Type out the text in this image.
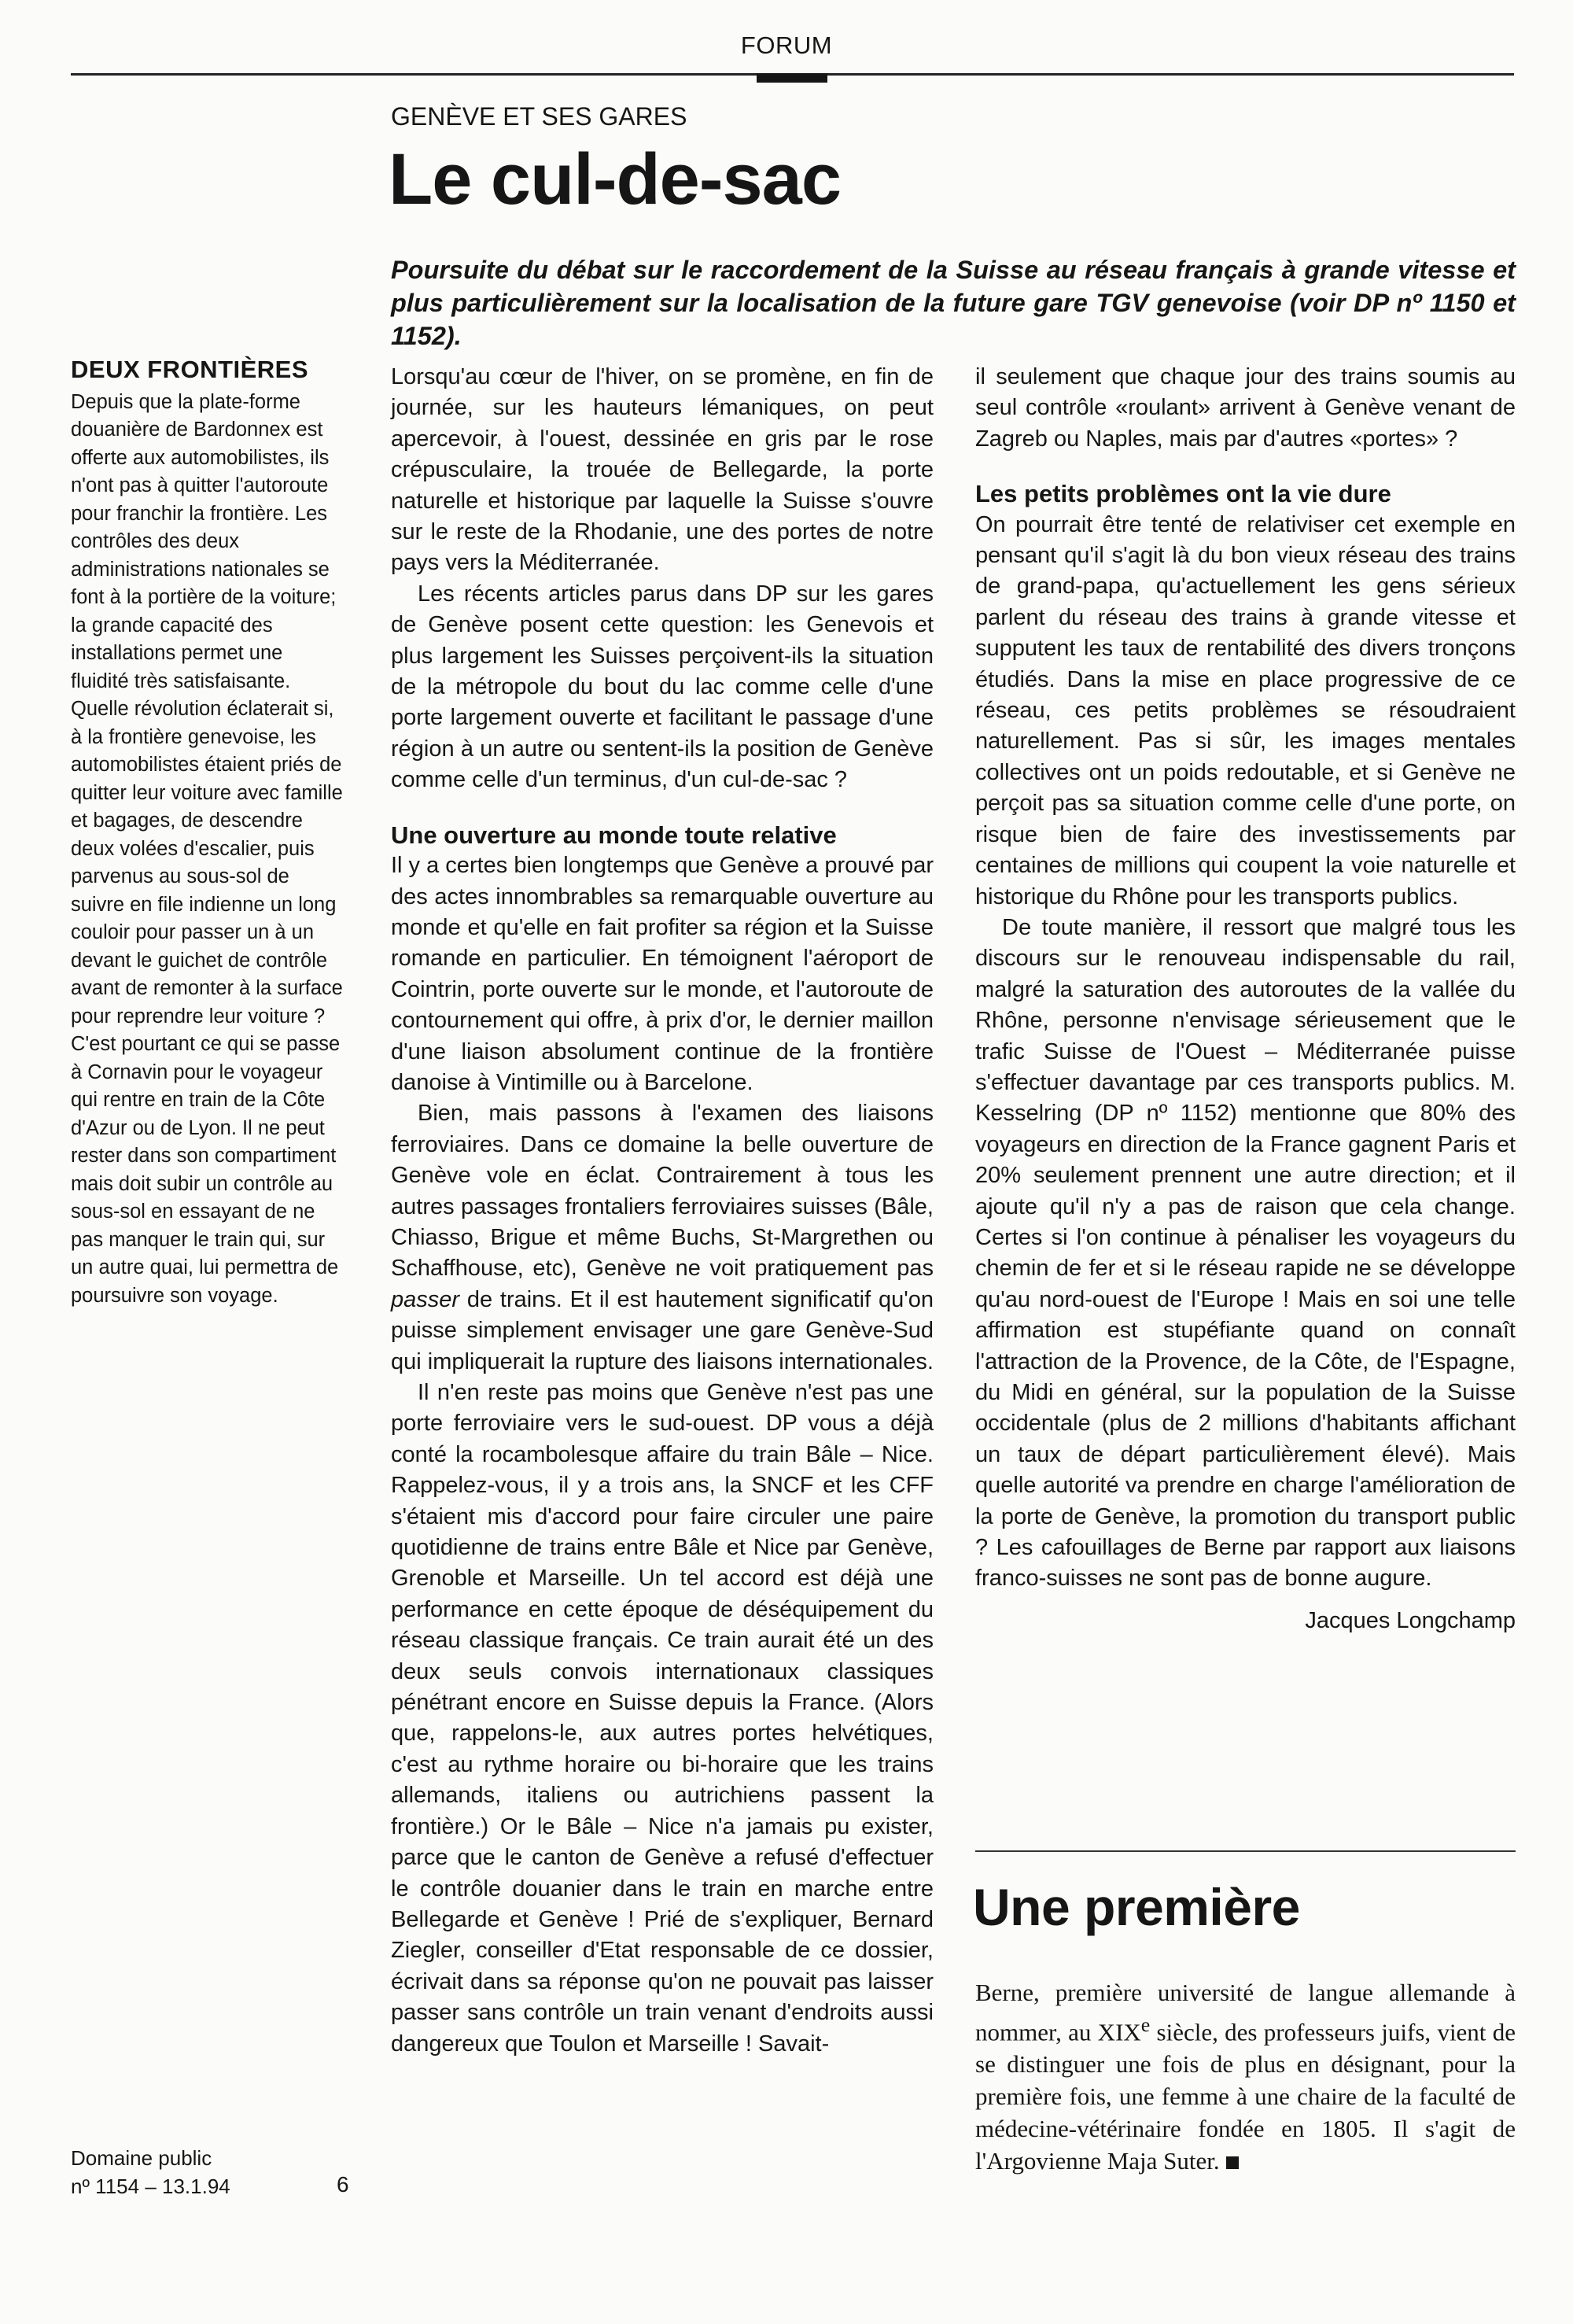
FORUM
GENÈVE ET SES GARES
Le cul-de-sac
Poursuite du débat sur le raccordement de la Suisse au réseau français à grande vitesse et plus particulièrement sur la localisation de la future gare TGV genevoise (voir DP nº 1150 et 1152).
DEUX FRONTIÈRES

Depuis que la plate-forme douanière de Bardonnex est offerte aux automobilistes, ils n'ont pas à quitter l'autoroute pour franchir la frontière. Les contrôles des deux administrations nationales se font à la portière de la voiture; la grande capacité des installations permet une fluidité très satisfaisante. Quelle révolution éclaterait si, à la frontière genevoise, les automobilistes étaient priés de quitter leur voiture avec famille et bagages, de descendre deux volées d'escalier, puis parvenus au sous-sol de suivre en file indienne un long couloir pour passer un à un devant le guichet de contrôle avant de remonter à la surface pour reprendre leur voiture ? C'est pourtant ce qui se passe à Cornavin pour le voyageur qui rentre en train de la Côte d'Azur ou de Lyon. Il ne peut rester dans son compartiment mais doit subir un contrôle au sous-sol en essayant de ne pas manquer le train qui, sur un autre quai, lui permettra de poursuivre son voyage.

Lorsqu'au cœur de l'hiver, on se promène, en fin de journée, sur les hauteurs lémaniques, on peut apercevoir, à l'ouest, dessinée en gris par le rose crépusculaire, la trouée de Bellegarde, la porte naturelle et historique par laquelle la Suisse s'ouvre sur le reste de la Rhodanie, une des portes de notre pays vers la Méditerranée.

Les récents articles parus dans DP sur les gares de Genève posent cette question: les Genevois et plus largement les Suisses perçoivent-ils la situation de la métropole du bout du lac comme celle d'une porte largement ouverte et facilitant le passage d'une région à un autre ou sentent-ils la position de Genève comme celle d'un terminus, d'un cul-de-sac ?

Une ouverture au monde toute relative

Il y a certes bien longtemps que Genève a prouvé par des actes innombrables sa remarquable ouverture au monde et qu'elle en fait profiter sa région et la Suisse romande en particulier. En témoignent l'aéroport de Cointrin, porte ouverte sur le monde, et l'autoroute de contournement qui offre, à prix d'or, le dernier maillon d'une liaison absolument continue de la frontière danoise à Vintimille ou à Barcelone.

Bien, mais passons à l'examen des liaisons ferroviaires. Dans ce domaine la belle ouverture de Genève vole en éclat. Contrairement à tous les autres passages frontaliers ferroviaires suisses (Bâle, Chiasso, Brigue et même Buchs, St-Margrethen ou Schaffhouse, etc), Genève ne voit pratiquement pas passer de trains. Et il est hautement significatif qu'on puisse simplement envisager une gare Genève-Sud qui impliquerait la rupture des liaisons internationales.

Il n'en reste pas moins que Genève n'est pas une porte ferroviaire vers le sud-ouest. DP vous a déjà conté la rocambolesque affaire du train Bâle – Nice. Rappelez-vous, il y a trois ans, la SNCF et les CFF s'étaient mis d'accord pour faire circuler une paire quotidienne de trains entre Bâle et Nice par Genève, Grenoble et Marseille. Un tel accord est déjà une performance en cette époque de déséquipement du réseau classique français. Ce train aurait été un des deux seuls convois internationaux classiques pénétrant encore en Suisse depuis la France. (Alors que, rappelons-le, aux autres portes helvétiques, c'est au rythme horaire ou bi-horaire que les trains allemands, italiens ou autrichiens passent la frontière.) Or le Bâle – Nice n'a jamais pu exister, parce que le canton de Genève a refusé d'effectuer le contrôle douanier dans le train en marche entre Bellegarde et Genève ! Prié de s'expliquer, Bernard Ziegler, conseiller d'Etat responsable de ce dossier, écrivait dans sa réponse qu'on ne pouvait pas laisser passer sans contrôle un train venant d'endroits aussi dangereux que Toulon et Marseille ! Savait-

il seulement que chaque jour des trains soumis au seul contrôle «roulant» arrivent à Genève venant de Zagreb ou Naples, mais par d'autres «portes» ?

Les petits problèmes ont la vie dure

On pourrait être tenté de relativiser cet exemple en pensant qu'il s'agit là du bon vieux réseau des trains de grand-papa, qu'actuellement les gens sérieux parlent du réseau des trains à grande vitesse et supputent les taux de rentabilité des divers tronçons étudiés. Dans la mise en place progressive de ce réseau, ces petits problèmes se résoudraient naturellement. Pas si sûr, les images mentales collectives ont un poids redoutable, et si Genève ne perçoit pas sa situation comme celle d'une porte, on risque bien de faire des investissements par centaines de millions qui coupent la voie naturelle et historique du Rhône pour les transports publics.

De toute manière, il ressort que malgré tous les discours sur le renouveau indispensable du rail, malgré la saturation des autoroutes de la vallée du Rhône, personne n'envisage sérieusement que le trafic Suisse de l'Ouest – Méditerranée puisse s'effectuer davantage par ces transports publics. M. Kesselring (DP nº 1152) mentionne que 80% des voyageurs en direction de la France gagnent Paris et 20% seulement prennent une autre direction; et il ajoute qu'il n'y a pas de raison que cela change. Certes si l'on continue à pénaliser les voyageurs du chemin de fer et si le réseau rapide ne se développe qu'au nord-ouest de l'Europe ! Mais en soi une telle affirmation est stupéfiante quand on connaît l'attraction de la Provence, de la Côte, de l'Espagne, du Midi en général, sur la population de la Suisse occidentale (plus de 2 millions d'habitants affichant un taux de départ particulièrement élevé). Mais quelle autorité va prendre en charge l'amélioration de la porte de Genève, la promotion du transport public ? Les cafouillages de Berne par rapport aux liaisons franco-suisses ne sont pas de bonne augure.

Jacques Longchamp

Une première
Berne, première université de langue allemande à nommer, au XIXe siècle, des professeurs juifs, vient de se distinguer une fois de plus en désignant, pour la première fois, une femme à une chaire de la faculté de médecine-vétérinaire fondée en 1805. Il s'agit de l'Argovienne Maja Suter.
Domaine public
nº 1154 – 13.1.94	6
